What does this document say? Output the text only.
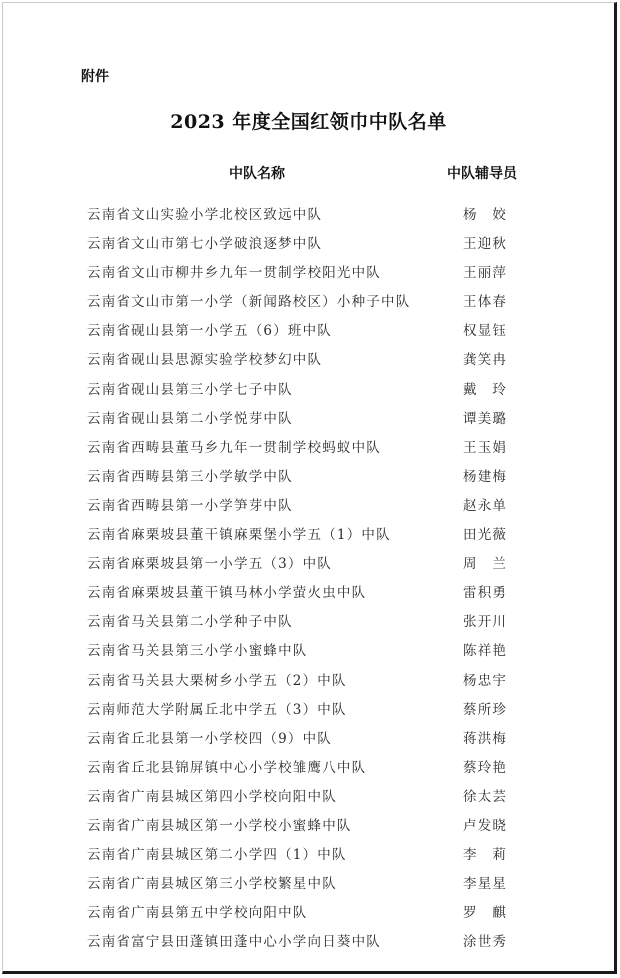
附件
2023 年度全国红领巾中队名单
中队名称	中队辅导员
云南省文山实验小学北校区致远中队	杨　姣
云南省文山市第七小学破浪逐梦中队	王迎秋
云南省文山市柳井乡九年一贯制学校阳光中队	王丽萍
云南省文山市第一小学（新闻路校区）小种子中队	王体春
云南省砚山县第一小学五（6）班中队	权显钰
云南省砚山县思源实验学校梦幻中队	龚笑冉
云南省砚山县第三小学七子中队	戴　玲
云南省砚山县第二小学悦芽中队	谭美璐
云南省西畴县董马乡九年一贯制学校蚂蚁中队	王玉娟
云南省西畴县第三小学敏学中队	杨建梅
云南省西畴县第一小学笋芽中队	赵永单
云南省麻栗坡县董干镇麻栗堡小学五（1）中队	田光薇
云南省麻栗坡县第一小学五（3）中队	周　兰
云南省麻栗坡县董干镇马林小学萤火虫中队	雷积勇
云南省马关县第二小学种子中队	张开川
云南省马关县第三小学小蜜蜂中队	陈祥艳
云南省马关县大栗树乡小学五（2）中队	杨忠宇
云南师范大学附属丘北中学五（3）中队	蔡所珍
云南省丘北县第一小学校四（9）中队	蒋洪梅
云南省丘北县锦屏镇中心小学校雏鹰八中队	蔡玲艳
云南省广南县城区第四小学校向阳中队	徐太芸
云南省广南县城区第一小学校小蜜蜂中队	卢发晓
云南省广南县城区第二小学四（1）中队	李　莉
云南省广南县城区第三小学校繁星中队	李星星
云南省广南县第五中学校向阳中队	罗　麒
云南省富宁县田蓬镇田蓬中心小学向日葵中队	涂世秀
